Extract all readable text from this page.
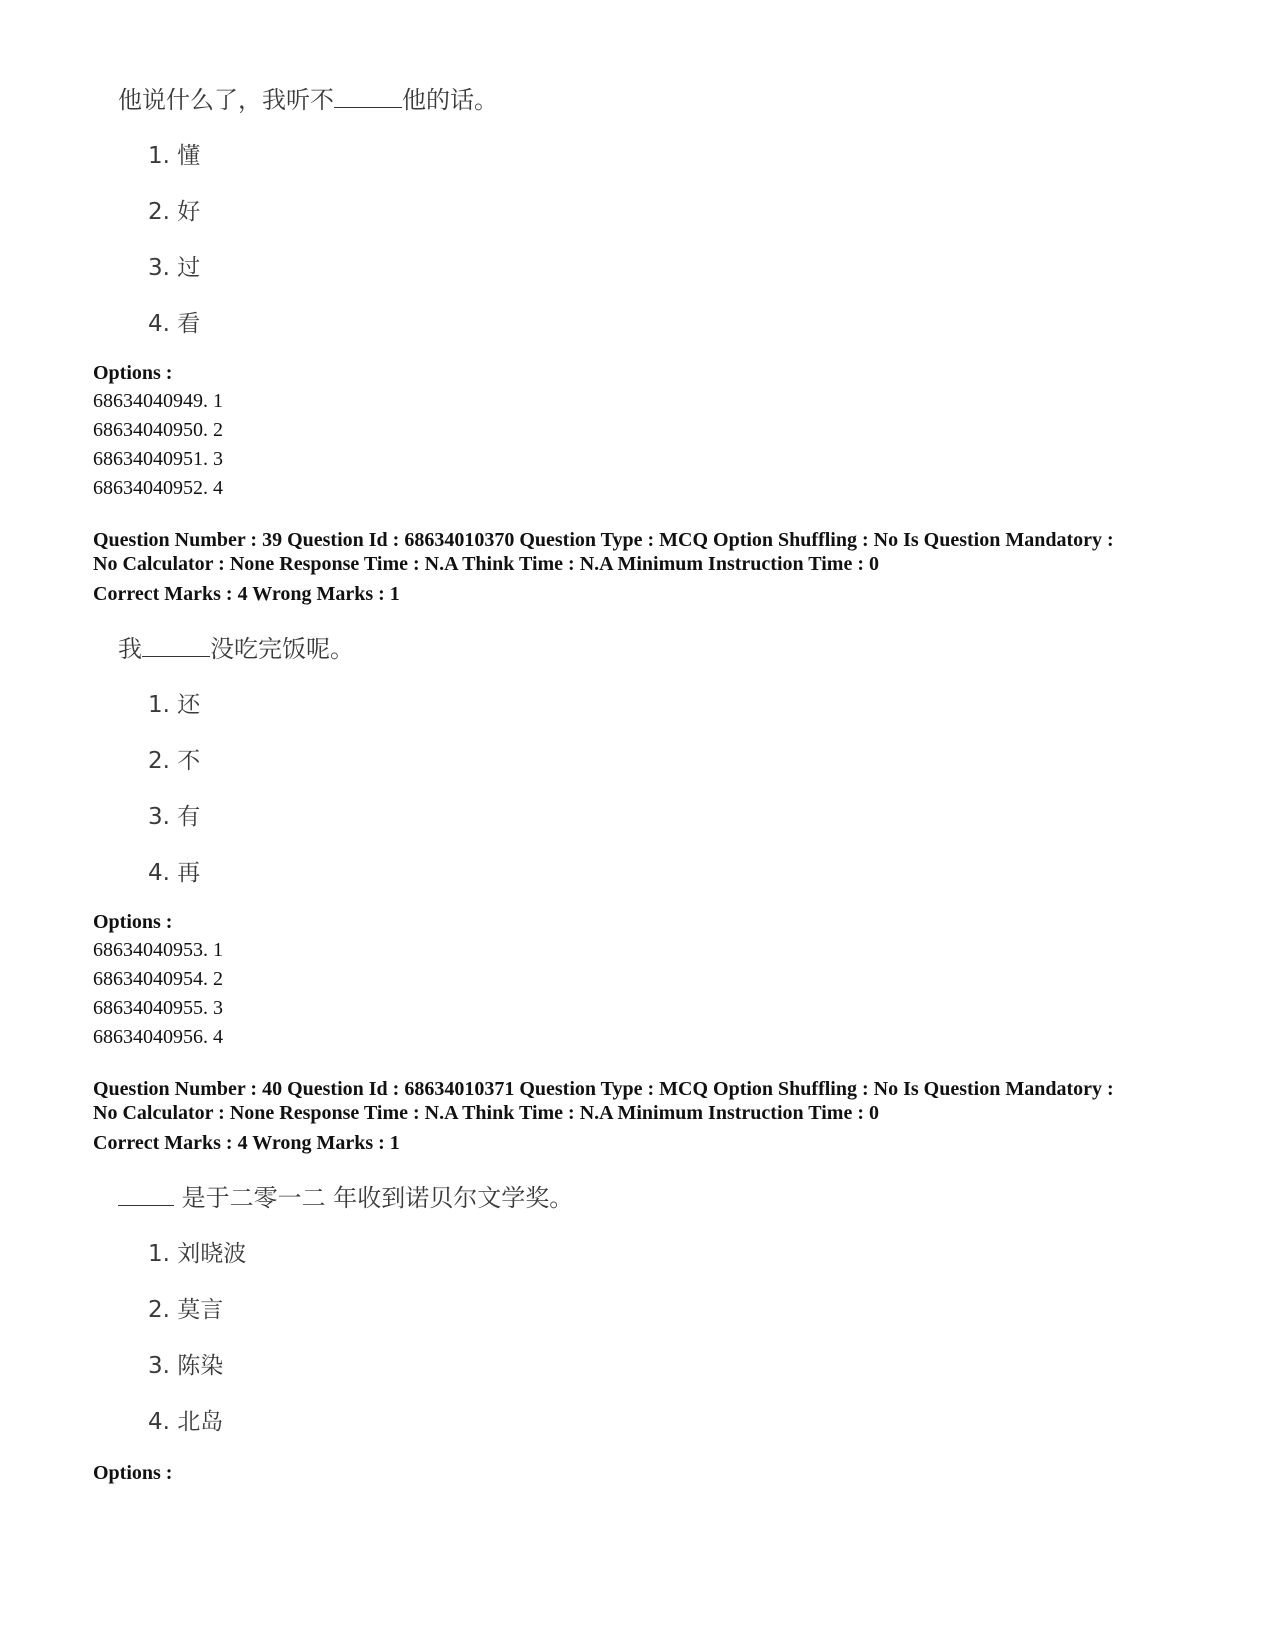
他说什么了，我听不	他的话。
1. 懂
2. 好
3. 过
4. 看
Options :
68634040949. 1
68634040950. 2
68634040951. 3
68634040952. 4
Question Number : 39 Question Id : 68634010370 Question Type : MCQ Option Shuffling : No Is Question Mandatory :
No Calculator : None Response Time : N.A Think Time : N.A Minimum Instruction Time : 0
Correct Marks : 4 Wrong Marks : 1
我	没吃完饭呢。
1. 还
2. 不
3. 有
4. 再
Options :
68634040953. 1
68634040954. 2
68634040955. 3
68634040956. 4
Question Number : 40 Question Id : 68634010371 Question Type : MCQ Option Shuffling : No Is Question Mandatory :
No Calculator : None Response Time : N.A Think Time : N.A Minimum Instruction Time : 0
Correct Marks : 4 Wrong Marks : 1
是于二零一二 年收到诺贝尔文学奖。
1. 刘晓波
2. 莫言
3. 陈染
4. 北岛
Options :
